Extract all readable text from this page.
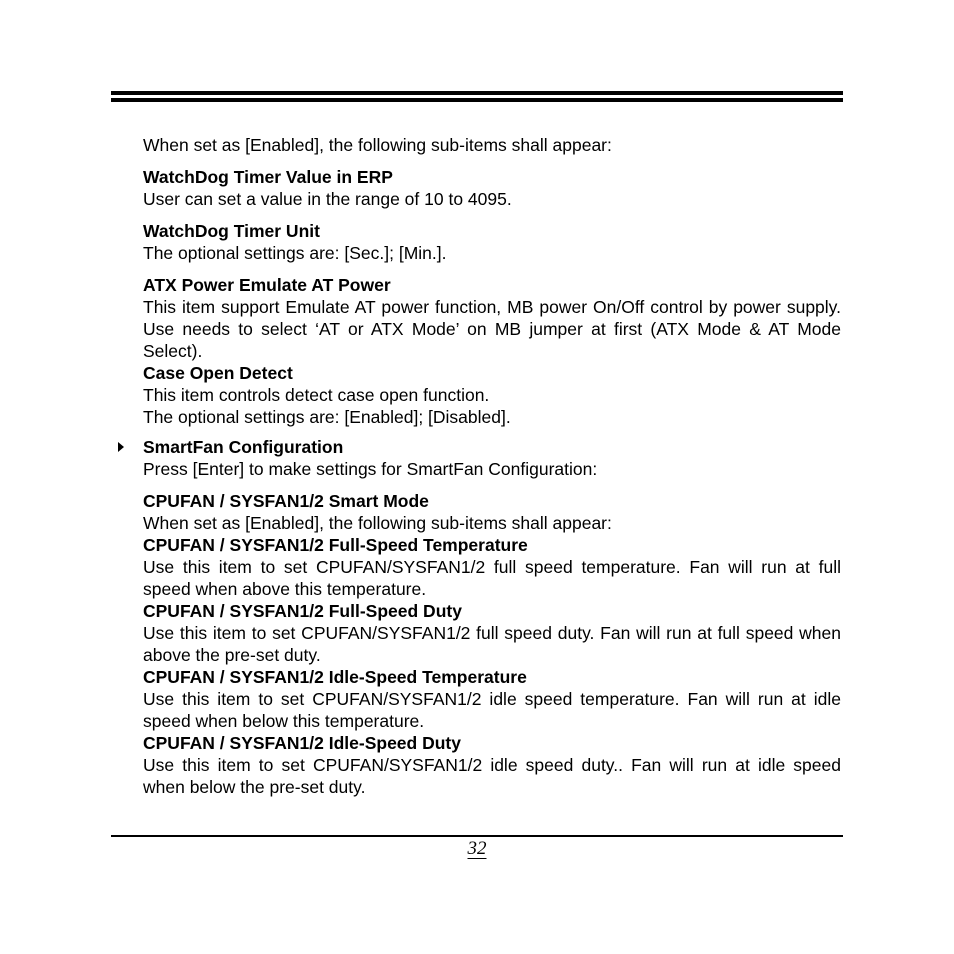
When set as [Enabled], the following sub-items shall appear:

WatchDog Timer Value in ERP

User can set a value in the range of 10 to 4095.

WatchDog Timer Unit

The optional settings are: [Sec.]; [Min.].

ATX Power Emulate AT Power

This item support Emulate AT power function, MB power On/Off control by power supply. Use needs to select ‘AT or ATX Mode’ on MB jumper at first (ATX Mode & AT Mode Select).

Case Open Detect

This item controls detect case open function.

The optional settings are: [Enabled]; [Disabled].

SmartFan Configuration

Press [Enter] to make settings for SmartFan Configuration:

CPUFAN / SYSFAN1/2 Smart Mode

When set as [Enabled], the following sub-items shall appear:

CPUFAN / SYSFAN1/2 Full-Speed Temperature

Use this item to set CPUFAN/SYSFAN1/2 full speed temperature. Fan will run at full speed when above this temperature.

CPUFAN / SYSFAN1/2 Full-Speed Duty

Use this item to set CPUFAN/SYSFAN1/2 full speed duty. Fan will run at full speed when above the pre-set duty.

CPUFAN / SYSFAN1/2 Idle-Speed Temperature

Use this item to set CPUFAN/SYSFAN1/2 idle speed temperature. Fan will run at idle speed when below this temperature.

CPUFAN / SYSFAN1/2 Idle-Speed Duty

Use this item to set CPUFAN/SYSFAN1/2 idle speed duty.. Fan will run at idle speed when below the pre-set duty.

32
